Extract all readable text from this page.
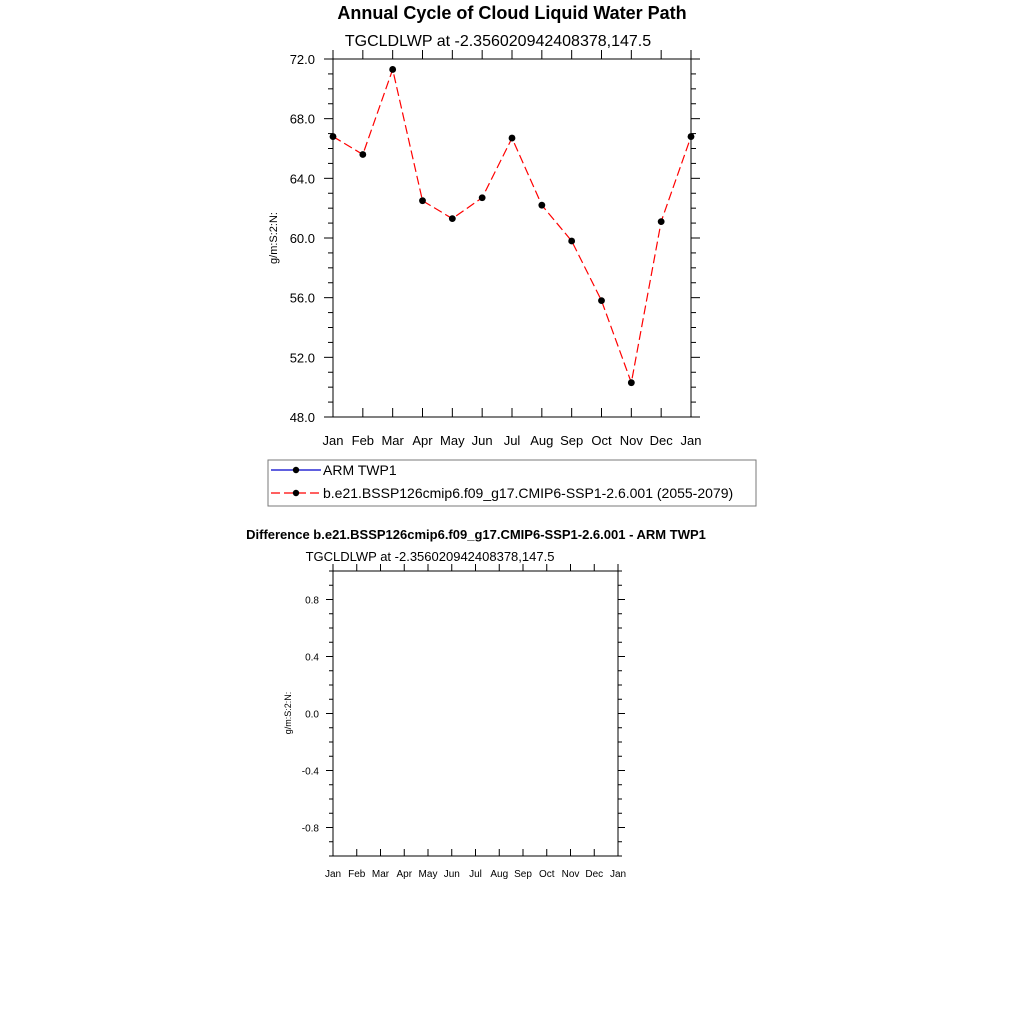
Annual Cycle of Cloud Liquid Water Path
TGCLDLWP at -2.356020942408378,147.5
g/m:S:2:N:
48.0
52.0
56.0
60.0
64.0
68.0
72.0
Jan Feb Mar Apr May Jun Jul Aug Sep Oct Nov Dec Jan
ARM TWP1
b.e21.BSSP126cmip6.f09_g17.CMIP6-SSP1-2.6.001 (2055-2079)
Difference b.e21.BSSP126cmip6.f09_g17.CMIP6-SSP1-2.6.001 - ARM TWP1
TGCLDLWP at -2.356020942408378,147.5
g/m:S:2:N:
-0.8
-0.4
0.0
0.4
0.8
Jan Feb Mar Apr May Jun Jul Aug Sep Oct Nov Dec Jan
